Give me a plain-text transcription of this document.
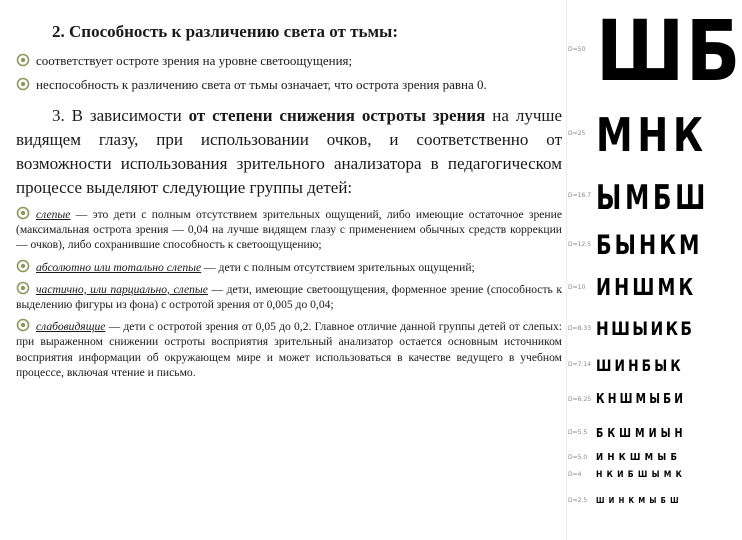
2. Способность к различению света от тьмы:
соответствует остроте зрения на уровне светоощущения;
неспособность к различению света от тьмы означает, что острота зрения равна 0.
3. В зависимости от степени снижения остроты зрения на лучше видящем глазу, при использовании очков, и соответственно от возможности использования зрительного анализатора в педагогическом процессе выделяют следующие группы детей:
слепые — это дети с полным отсутствием зрительных ощущений, либо имеющие остаточное зрение (максимальная острота зрения — 0,04 на лучше видящем глазу с применением обычных средств коррекции — очков), либо сохранившие способность к светоощущению;
абсолютно или тотально слепые — дети с полным отсутствием зрительных ощущений;
частично, или парциально, слепые — дети, имеющие светоощущения, форменное зрение (способность к выделению фигуры из фона) с остротой зрения от 0,005 до 0,04;
слабовидящие — дети с остротой зрения от 0,05 до 0,2. Главное отличие данной группы детей от слепых: при выраженном снижении остроты восприятия зрительный анализатор остается основным источником восприятия информации об окружающем мире и может использоваться в качестве ведущего в учебном процессе, включая чтение и письмо.
D=50 ШБ
D=25 МНК
D=16.7 ЫМБШ
D=12.5 БЫНКМ
D=10 ИНШМК
D=8.33 НШЫИКБ
D=7.14 ШИНБЫК
D=6.25 КНШМЫБИ
D=5.5 БКШМИЫН
D=5.0 ИНКШМЫБ
D=4 НКИБШЫМК
D=2.5 ШИНКМЫБШ
